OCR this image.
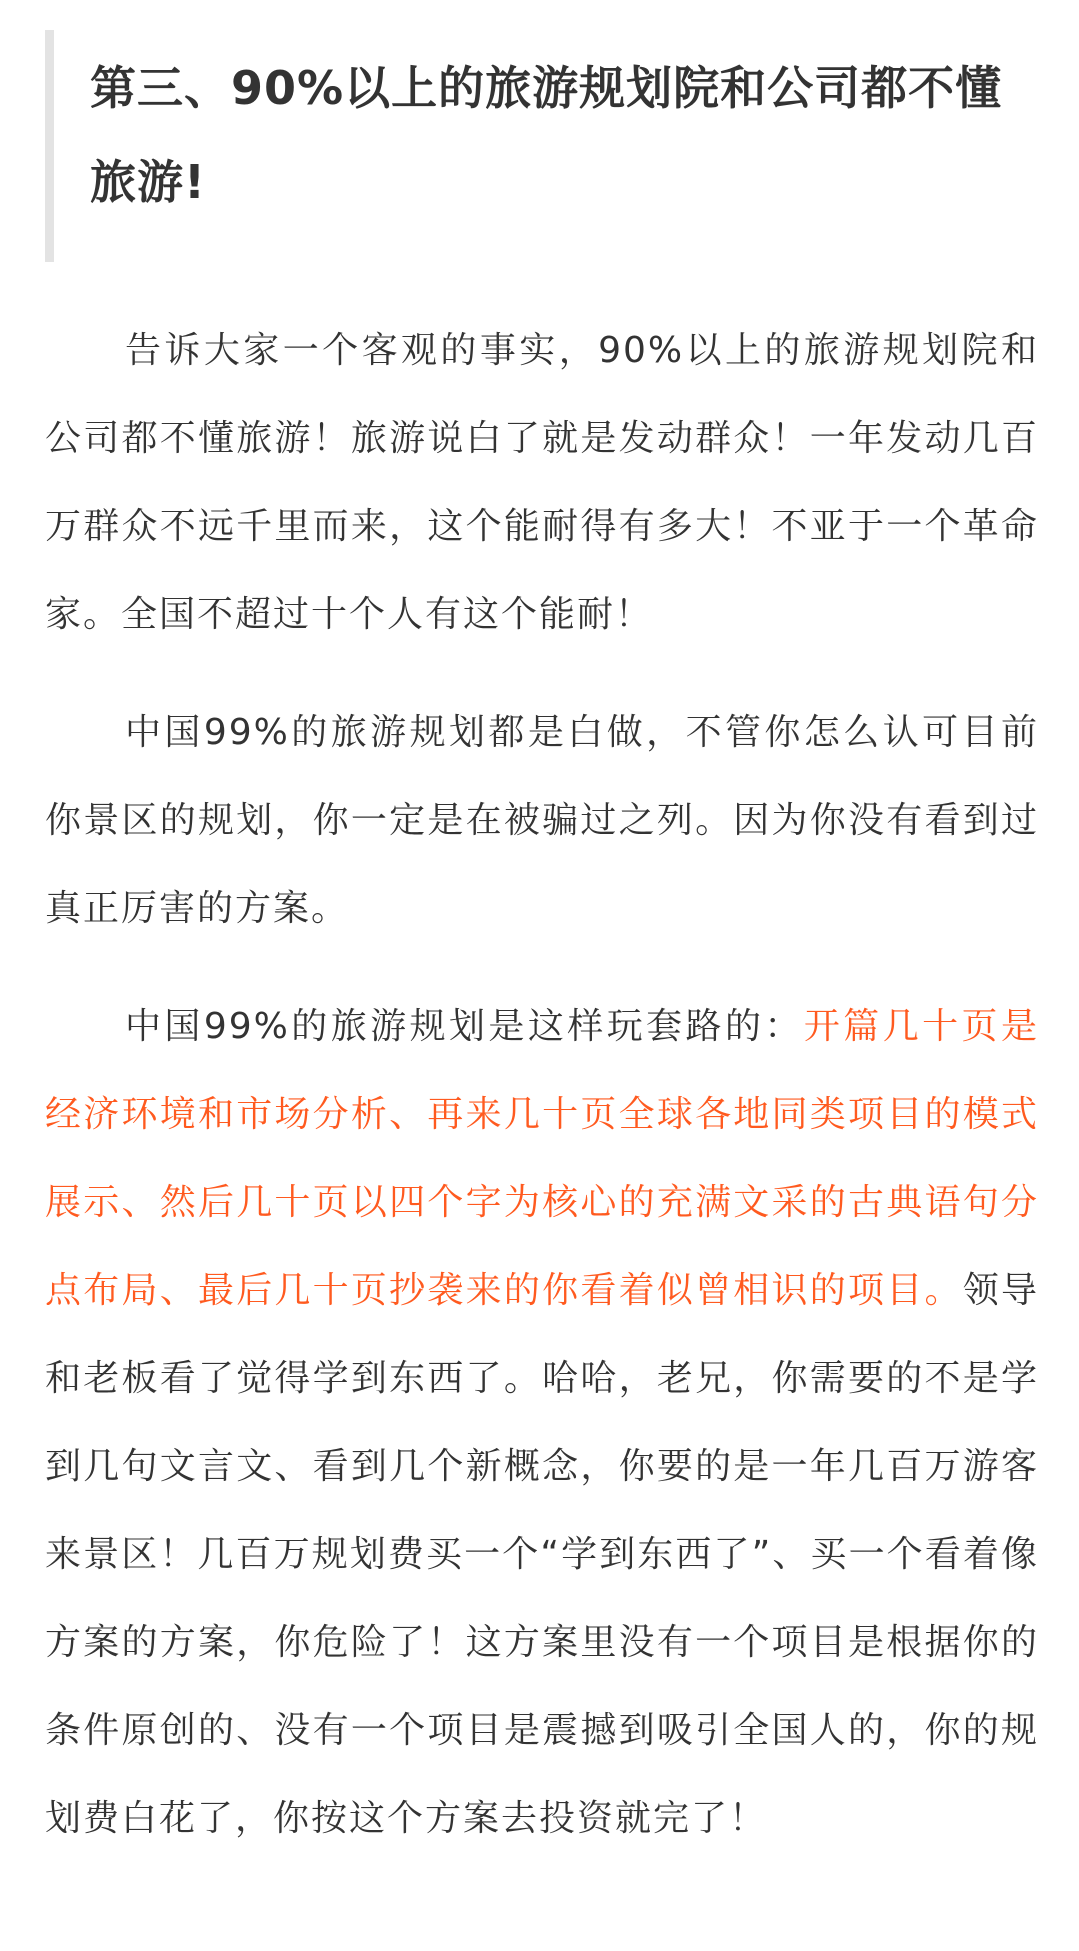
第三、90%以上的旅游规划院和公司都不懂旅游!

告诉大家一个客观的事实，90%以上的旅游规划院和公司都不懂旅游！旅游说白了就是发动群众！一年发动几百万群众不远千里而来，这个能耐得有多大！不亚于一个革命家。全国不超过十个人有这个能耐！

中国99%的旅游规划都是白做，不管你怎么认可目前你景区的规划，你一定是在被骗过之列。因为你没有看到过真正厉害的方案。

中国99%的旅游规划是这样玩套路的：开篇几十页是经济环境和市场分析、再来几十页全球各地同类项目的模式展示、然后几十页以四个字为核心的充满文采的古典语句分点布局、最后几十页抄袭来的你看着似曾相识的项目。领导和老板看了觉得学到东西了。哈哈，老兄，你需要的不是学到几句文言文、看到几个新概念，你要的是一年几百万游客来景区！几百万规划费买一个“学到东西了”、买一个看着像方案的方案，你危险了！这方案里没有一个项目是根据你的条件原创的、没有一个项目是震撼到吸引全国人的，你的规划费白花了，你按这个方案去投资就完了！
